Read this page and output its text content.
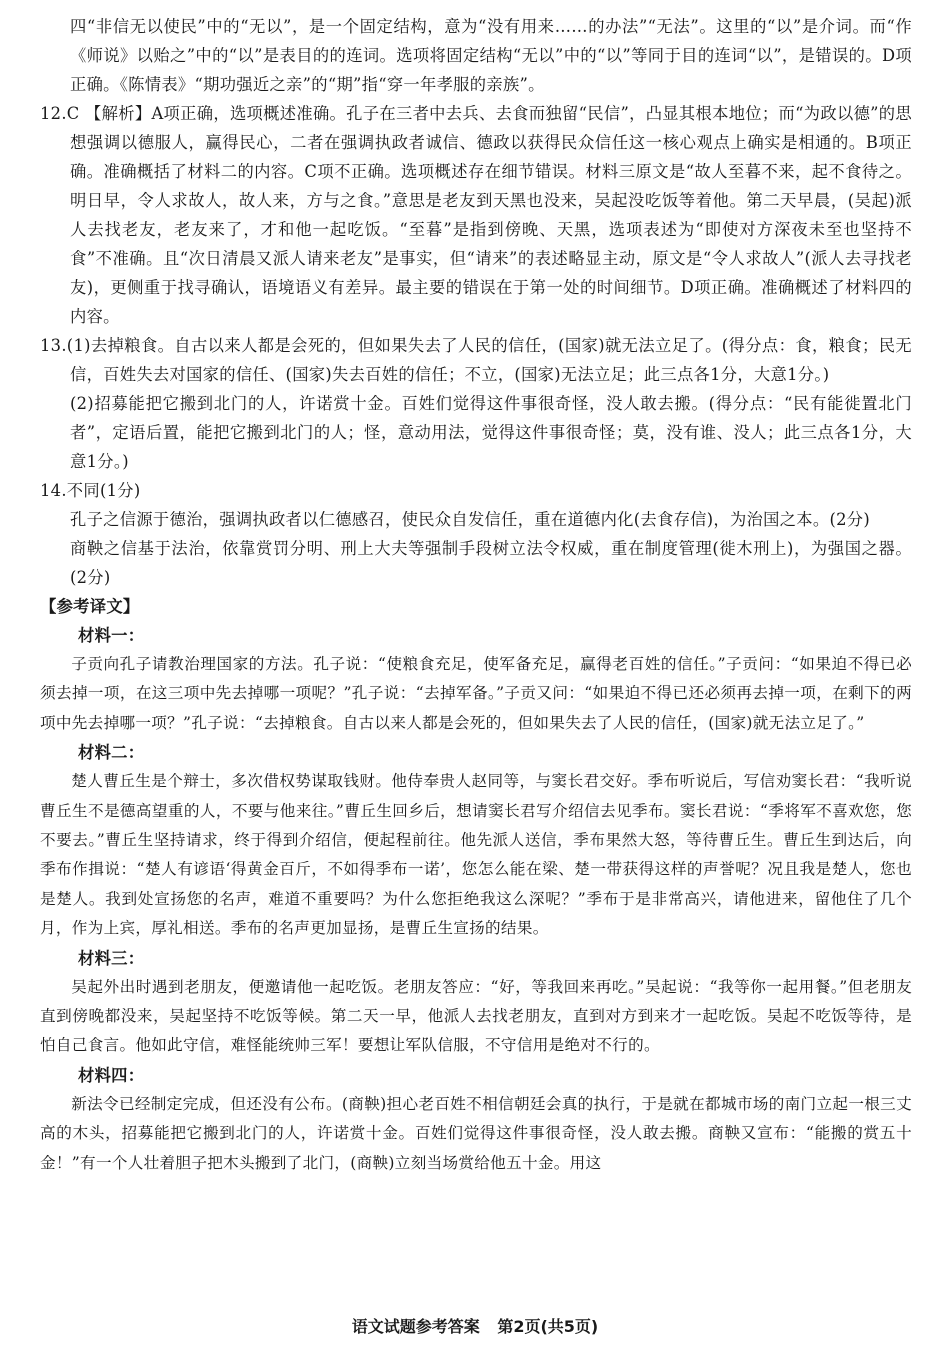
四“非信无以使民”中的“无以”，是一个固定结构，意为“没有用来……的办法”“无法”。这里的“以”是介词。而“作《师说》以贻之”中的“以”是表目的的连词。选项将固定结构“无以”中的“以”等同于目的连词“以”，是错误的。D项正确。《陈情表》“期功强近之亲”的“期”指“穿一年孝服的亲族”。

12.C 【解析】A项正确，选项概述准确。孔子在三者中去兵、去食而独留“民信”，凸显其根本地位；而“为政以德”的思想强调以德服人，赢得民心，二者在强调执政者诚信、德政以获得民众信任这一核心观点上确实是相通的。B项正确。准确概括了材料二的内容。C项不正确。选项概述存在细节错误。材料三原文是“故人至暮不来，起不食待之。明日早，令人求故人，故人来，方与之食。”意思是老友到天黑也没来，吴起没吃饭等着他。第二天早晨，(吴起)派人去找老友，老友来了，才和他一起吃饭。“至暮”是指到傍晚、天黑，选项表述为“即使对方深夜未至也坚持不食”不准确。且“次日清晨又派人请来老友”是事实，但“请来”的表述略显主动，原文是“令人求故人”(派人去寻找老友)，更侧重于找寻确认，语境语义有差异。最主要的错误在于第一处的时间细节。D项正确。准确概述了材料四的内容。

13.(1)去掉粮食。自古以来人都是会死的，但如果失去了人民的信任，(国家)就无法立足了。(得分点：食，粮食；民无信，百姓失去对国家的信任、(国家)失去百姓的信任；不立，(国家)无法立足；此三点各1分，大意1分。)

(2)招募能把它搬到北门的人，许诺赏十金。百姓们觉得这件事很奇怪，没人敢去搬。(得分点：“民有能徙置北门者”，定语后置，能把它搬到北门的人；怪，意动用法，觉得这件事很奇怪；莫，没有谁、没人；此三点各1分，大意1分。)

14.不同(1分)

孔子之信源于德治，强调执政者以仁德感召，使民众自发信任，重在道德内化(去食存信)，为治国之本。(2分)

商鞅之信基于法治，依靠赏罚分明、刑上大夫等强制手段树立法令权威，重在制度管理(徙木刑上)，为强国之器。(2分)

【参考译文】

材料一：

子贡向孔子请教治理国家的方法。孔子说：“使粮食充足，使军备充足，赢得老百姓的信任。”子贡问：“如果迫不得已必须去掉一项，在这三项中先去掉哪一项呢？”孔子说：“去掉军备。”子贡又问：“如果迫不得已还必须再去掉一项，在剩下的两项中先去掉哪一项？”孔子说：“去掉粮食。自古以来人都是会死的，但如果失去了人民的信任，(国家)就无法立足了。”

材料二：

楚人曹丘生是个辩士，多次借权势谋取钱财。他侍奉贵人赵同等，与窦长君交好。季布听说后，写信劝窦长君：“我听说曹丘生不是德高望重的人，不要与他来往。”曹丘生回乡后，想请窦长君写介绍信去见季布。窦长君说：“季将军不喜欢您，您不要去。”曹丘生坚持请求，终于得到介绍信，便起程前往。他先派人送信，季布果然大怒，等待曹丘生。曹丘生到达后，向季布作揖说：“楚人有谚语‘得黄金百斤，不如得季布一诺’，您怎么能在梁、楚一带获得这样的声誉呢？况且我是楚人，您也是楚人。我到处宣扬您的名声，难道不重要吗？为什么您拒绝我这么深呢？”季布于是非常高兴，请他进来，留他住了几个月，作为上宾，厚礼相送。季布的名声更加显扬，是曹丘生宣扬的结果。

材料三：

吴起外出时遇到老朋友，便邀请他一起吃饭。老朋友答应：“好，等我回来再吃。”吴起说：“我等你一起用餐。”但老朋友直到傍晚都没来，吴起坚持不吃饭等候。第二天一早，他派人去找老朋友，直到对方到来才一起吃饭。吴起不吃饭等待，是怕自己食言。他如此守信，难怪能统帅三军！要想让军队信服，不守信用是绝对不行的。

材料四：

新法令已经制定完成，但还没有公布。(商鞅)担心老百姓不相信朝廷会真的执行，于是就在都城市场的南门立起一根三丈高的木头，招募能把它搬到北门的人，许诺赏十金。百姓们觉得这件事很奇怪，没人敢去搬。商鞅又宣布：“能搬的赏五十金！”有一个人壮着胆子把木头搬到了北门，(商鞅)立刻当场赏给他五十金。用这

语文试题参考答案 第2页(共5页)
